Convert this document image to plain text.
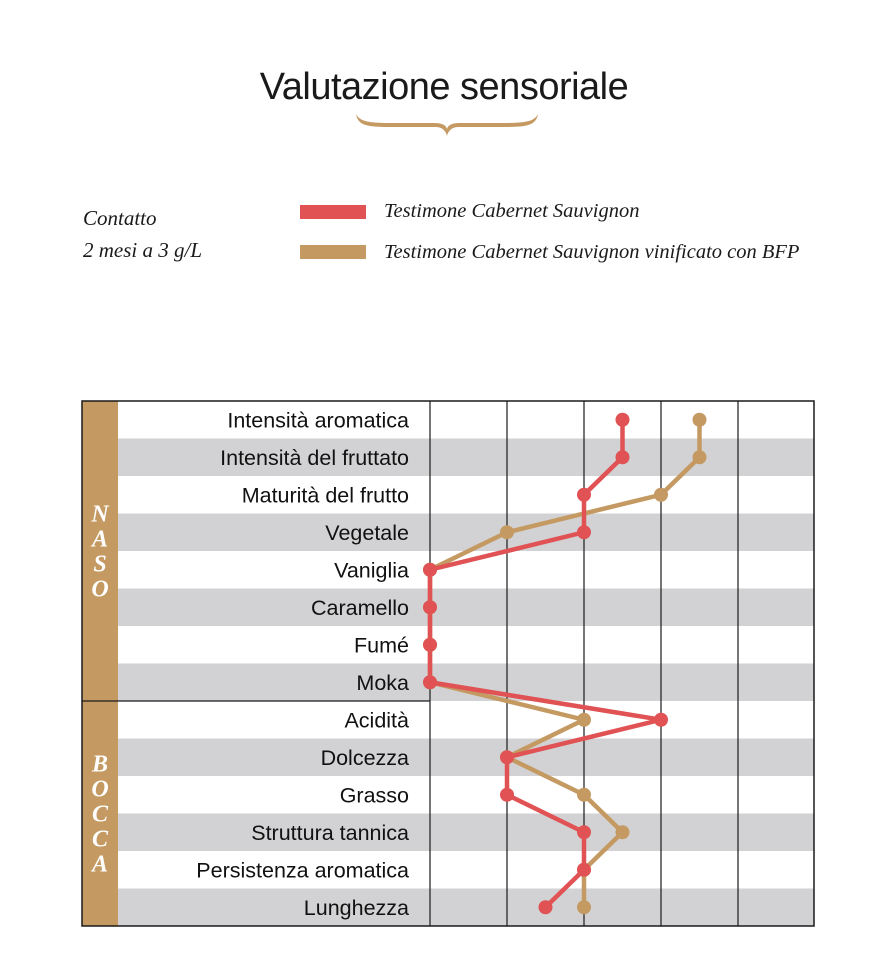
Valutazione sensoriale
Contatto
2 mesi a 3 g/L
Testimone Cabernet Sauvignon
Testimone Cabernet Sauvignon vinificato con BFP
N
A
S
O
B
O
C
C
A
Intensità aromatica
Intensità del fruttato
Maturità del frutto
Vegetale
Vaniglia
Caramello
Fumé
Moka
Acidità
Dolcezza
Grasso
Struttura tannica
Persistenza aromatica
Lunghezza
